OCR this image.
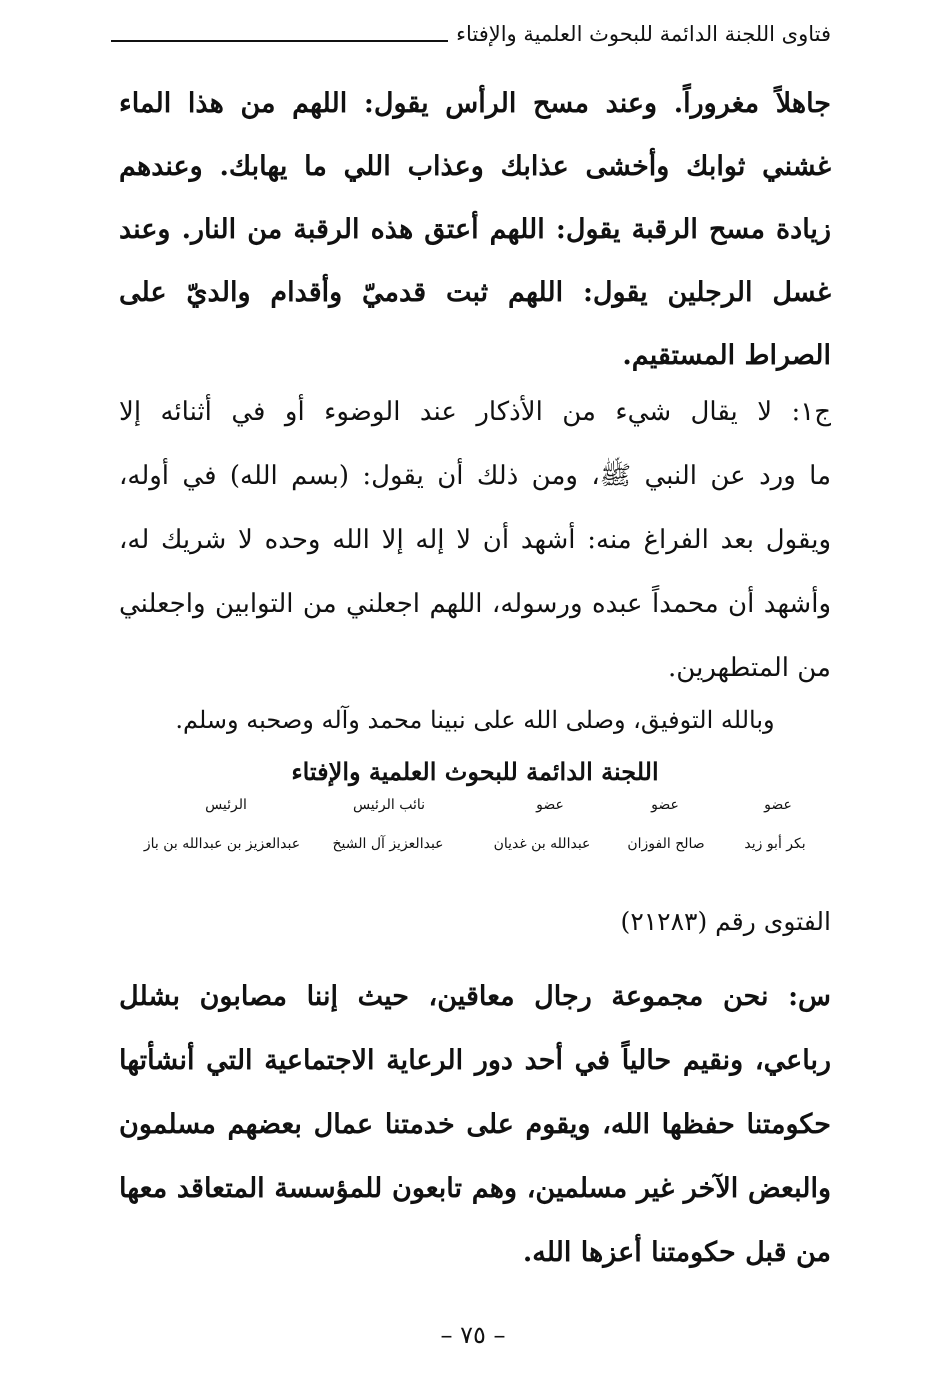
فتاوى اللجنة الدائمة للبحوث العلمية والإفتاء
جاهلاً مغروراً. وعند مسح الرأس يقول: اللهم من هذا الماء
غشني ثوابك وأخشى عذابك وعذاب اللي ما يهابك. وعندهم
زيادة مسح الرقبة يقول: اللهم أعتق هذه الرقبة من النار. وعند
غسل الرجلين يقول: اللهم ثبت قدميّ وأقدام والديّ على
الصراط المستقيم.
ج١: لا يقال شيء من الأذكار عند الوضوء أو في أثنائه إلا
ما ورد عن النبي ﷺ، ومن ذلك أن يقول: (بسم الله) في أوله،
ويقول بعد الفراغ منه: أشهد أن لا إله إلا الله وحده لا شريك له،
وأشهد أن محمداً عبده ورسوله، اللهم اجعلني من التوابين واجعلني
من المتطهرين.
وبالله التوفيق، وصلى الله على نبينا محمد وآله وصحبه وسلم.
اللجنة الدائمة للبحوث العلمية والإفتاء
عضو
عضو
عضو
نائب الرئيس
الرئيس
بكر أبو زيد
صالح الفوزان
عبدالله بن غديان
عبدالعزيز آل الشيخ
عبدالعزيز بن عبدالله بن باز
الفتوى رقم (٢١٢٨٣)
س: نحن مجموعة رجال معاقين، حيث إننا مصابون بشلل
رباعي، ونقيم حالياً في أحد دور الرعاية الاجتماعية التي أنشأتها
حكومتنا حفظها الله، ويقوم على خدمتنا عمال بعضهم مسلمون
والبعض الآخر غير مسلمين، وهم تابعون للمؤسسة المتعاقد معها
من قبل حكومتنا أعزها الله.
– ٧٥ –
